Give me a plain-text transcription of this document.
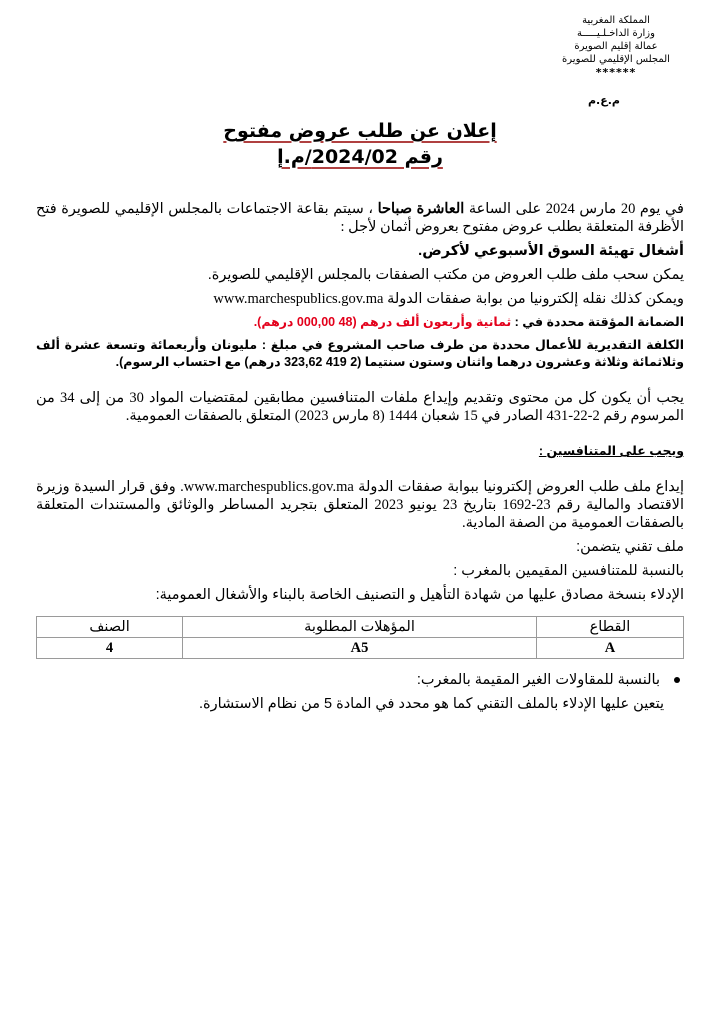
المملكة المغربية
وزارة الداخـلـيـــــة
عمالة إقليم الصويرة
المجلس الإقليمي للصويرة
******
م.ع.م
إعلان عن طلب عروض مفتوح
رقم 2024/02/م.إ

في يوم 20 مارس 2024 على الساعة العاشرة صباحا ، سيتم بقاعة الاجتماعات بالمجلس الإقليمي للصويرة فتح الأظرفة المتعلقة بطلب عروض مفتوح بعروض أثمان لأجل :

أشغال تهيئة السوق الأسبوعي لأكرض.

يمكن سحب ملف طلب العروض من مكتب الصفقات بالمجلس الإقليمي للصويرة.

ويمكن كذلك نقله إلكترونيا من بوابة صفقات الدولة www.marchespublics.gov.ma

الضمانة المؤقتة محددة في : ثمانية وأربعون ألف درهم (48 000,00 درهم).

الكلفة التقديرية للأعمال محددة من طرف صاحب المشروع في مبلغ : مليونان وأربعمائة وتسعة عشرة ألف وثلاثمائة وثلاثة وعشرون درهما واثنان وستون سنتيما (2 419 323,62 درهم) مع احتساب الرسوم).

يجب أن يكون كل من محتوى وتقديم وإيداع ملفات المتنافسين مطابقين لمقتضيات المواد 30 من إلى 34 من المرسوم رقم 2-22-431 الصادر في 15 شعبان 1444 (8 مارس 2023) المتعلق بالصفقات العمومية.

ويجب على المتنافسين :

إيداع ملف طلب العروض إلكترونيا ببوابة صفقات الدولة www.marchespublics.gov.ma. وفق قرار السيدة وزيرة الاقتصاد والمالية رقم 23-1692 بتاريخ 23 يونيو 2023 المتعلق بتجريد المساطر والوثائق والمستندات المتعلقة بالصفقات العمومية من الصفة المادية.

ملف تقني يتضمن:

بالنسبة للمتنافسين المقيمين بالمغرب :

الإدلاء بنسخة مصادق عليها من شهادة التأهيل و التصنيف الخاصة بالبناء والأشغال العمومية:

القطاع	المؤهلات المطلوبة	الصنف
A	A5	4

بالنسبة للمقاولات الغير المقيمة بالمغرب:

يتعين عليها الإدلاء بالملف التقني كما هو محدد في المادة 5 من نظام الاستشارة.
